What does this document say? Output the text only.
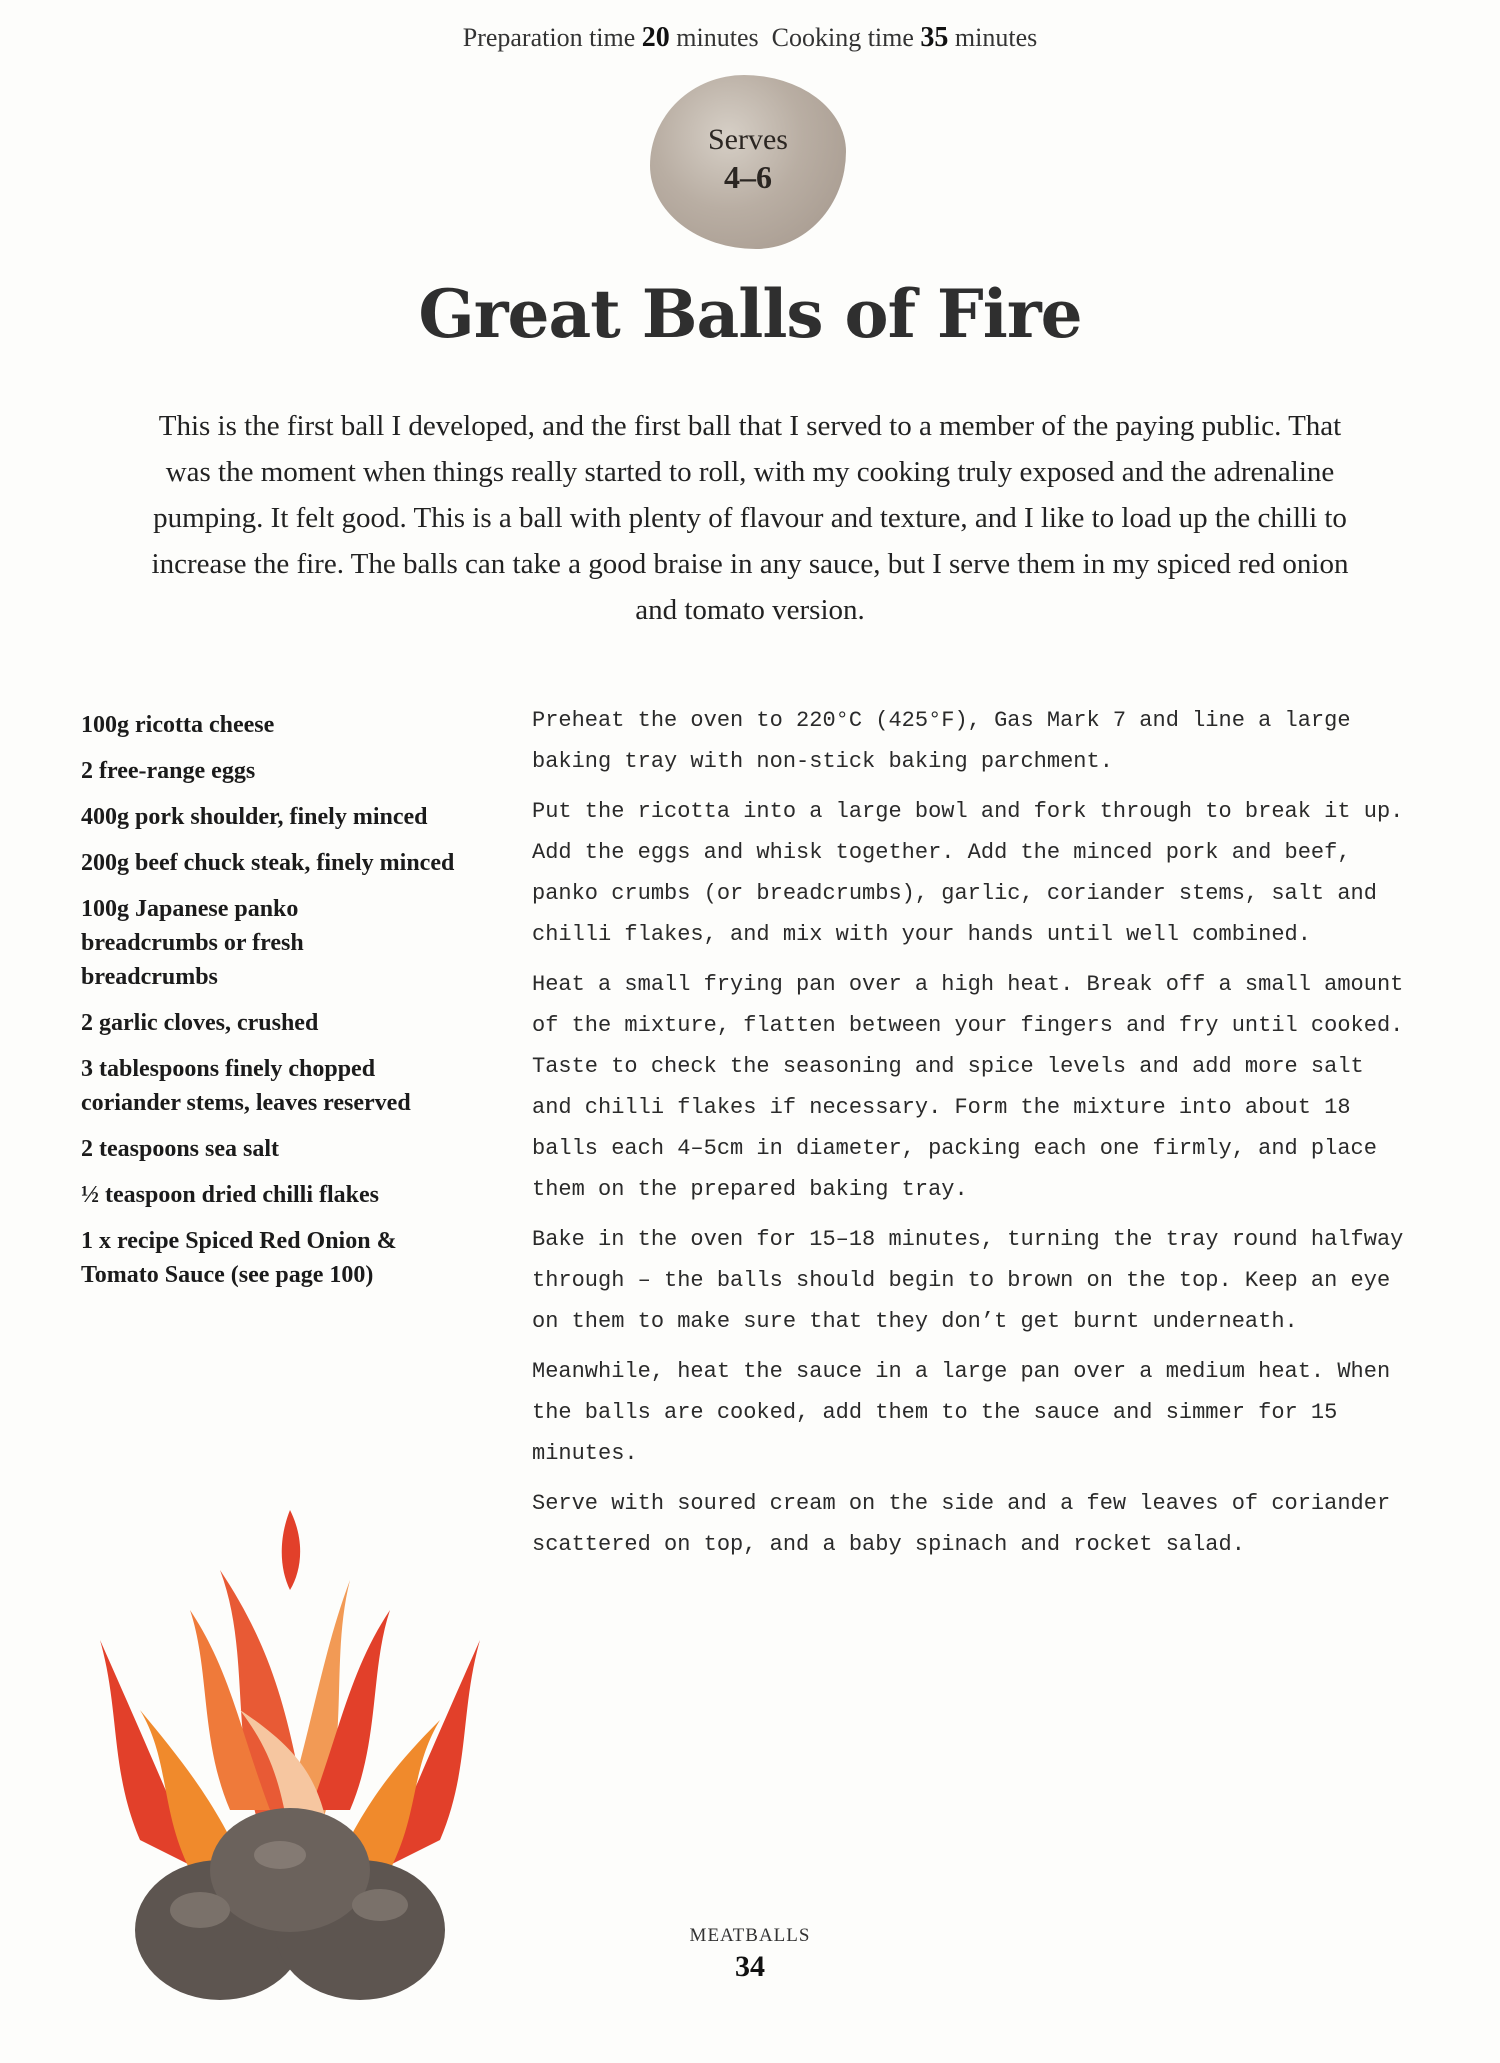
Preparation time 20 minutes Cooking time 35 minutes
Serves
4–6
Great Balls of Fire

This is the first ball I developed, and the first ball that I served to a member of the paying public. That was the moment when things really started to roll, with my cooking truly exposed and the adrenaline pumping. It felt good. This is a ball with plenty of flavour and texture, and I like to load up the chilli to increase the fire. The balls can take a good braise in any sauce, but I serve them in my spiced red onion and tomato version.

100g ricotta cheese
2 free-range eggs
400g pork shoulder, finely minced
200g beef chuck steak, finely minced
100g Japanese panko breadcrumbs or fresh breadcrumbs
2 garlic cloves, crushed
3 tablespoons finely chopped coriander stems, leaves reserved
2 teaspoons sea salt
½ teaspoon dried chilli flakes
1 x recipe Spiced Red Onion & Tomato Sauce (see page 100)

Preheat the oven to 220°C (425°F), Gas Mark 7 and line a large baking tray with non-stick baking parchment.

Put the ricotta into a large bowl and fork through to break it up. Add the eggs and whisk together. Add the minced pork and beef, panko crumbs (or breadcrumbs), garlic, coriander stems, salt and chilli flakes, and mix with your hands until well combined.

Heat a small frying pan over a high heat. Break off a small amount of the mixture, flatten between your fingers and fry until cooked. Taste to check the seasoning and spice levels and add more salt and chilli flakes if necessary. Form the mixture into about 18 balls each 4–5cm in diameter, packing each one firmly, and place them on the prepared baking tray.

Bake in the oven for 15–18 minutes, turning the tray round halfway through – the balls should begin to brown on the top. Keep an eye on them to make sure that they don’t get burnt underneath.

Meanwhile, heat the sauce in a large pan over a medium heat. When the balls are cooked, add them to the sauce and simmer for 15 minutes.

Serve with soured cream on the side and a few leaves of coriander scattered on top, and a baby spinach and rocket salad.

MEATBALLS
34
